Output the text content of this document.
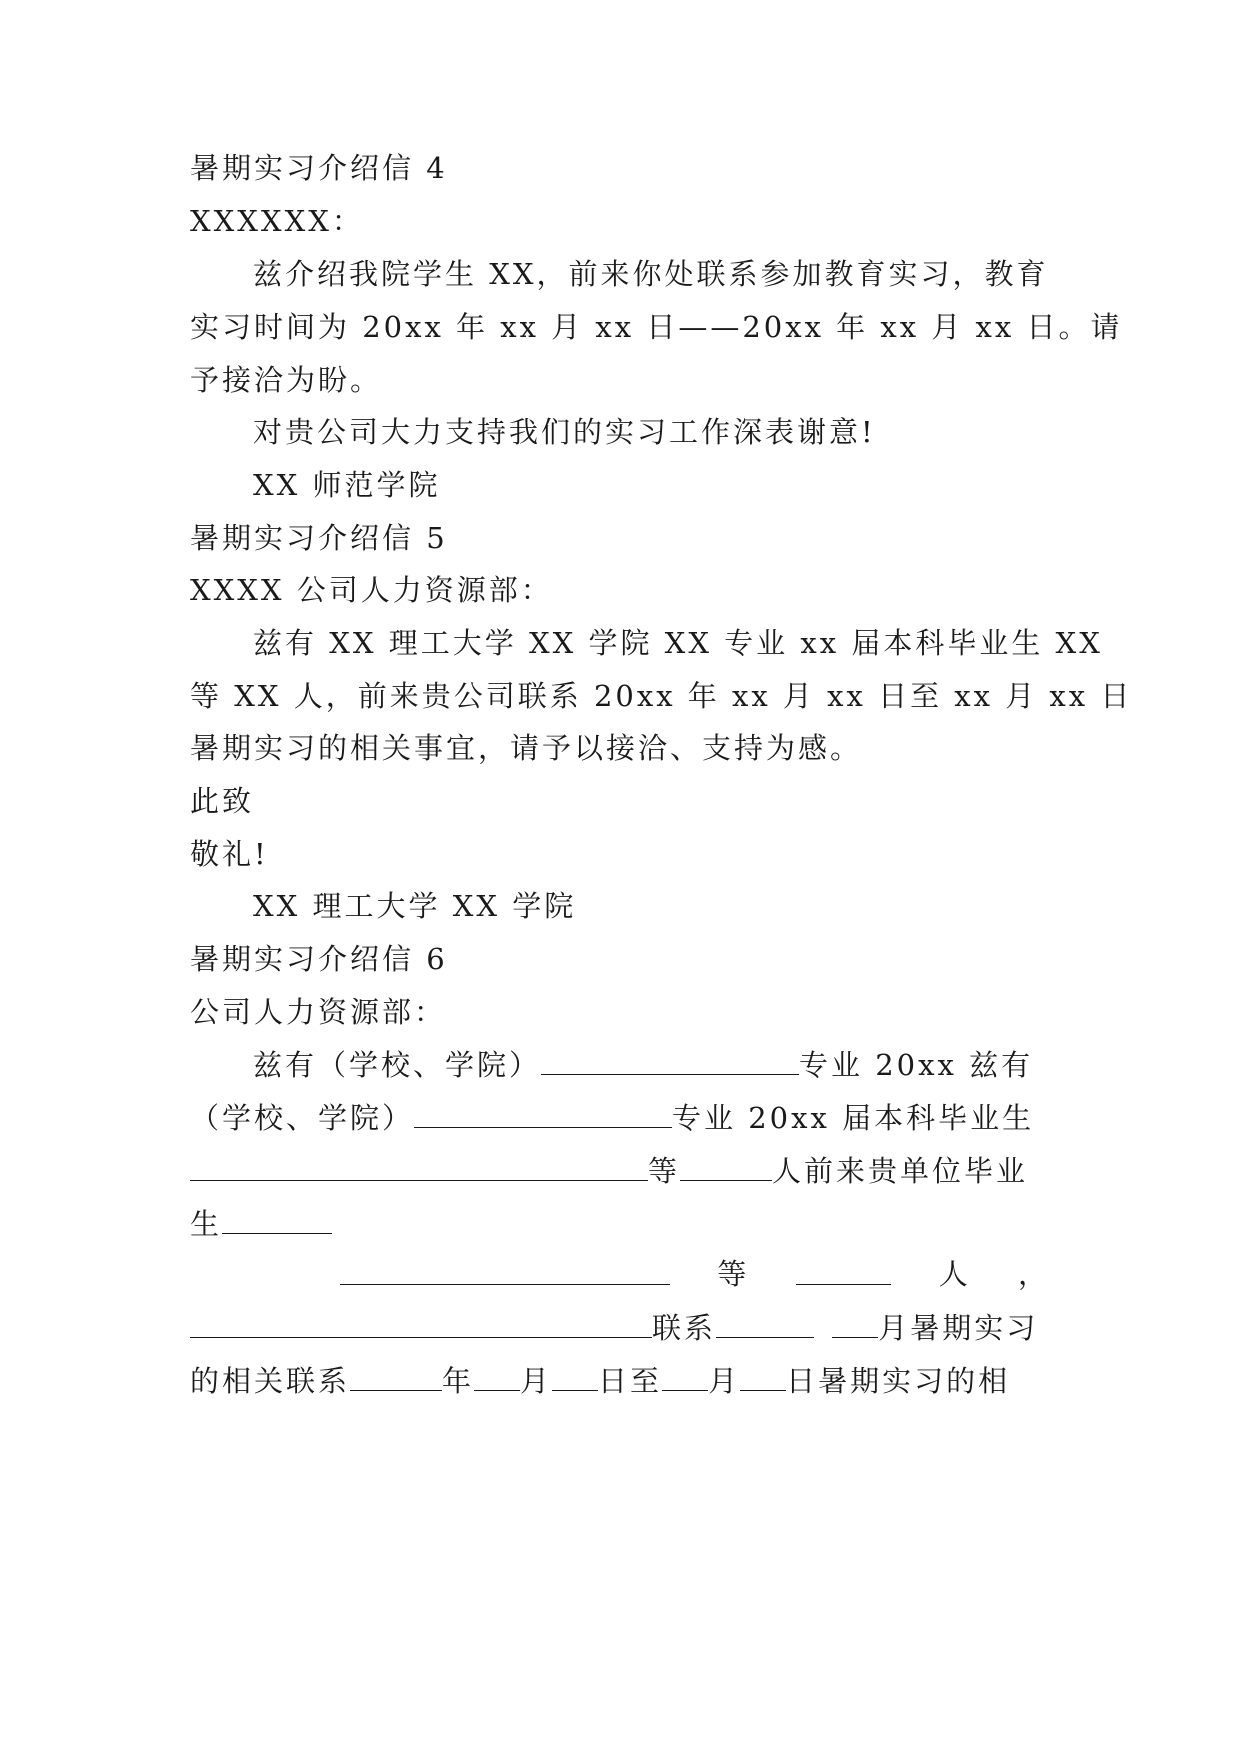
暑期实习介绍信 4
XXXXXX：
兹介绍我院学生 XX，前来你处联系参加教育实习，教育
实习时间为 20xx 年 xx 月 xx 日——20xx 年 xx 月 xx 日。请
予接洽为盼。
对贵公司大力支持我们的实习工作深表谢意!
XX 师范学院
暑期实习介绍信 5
XXXX 公司人力资源部：
兹有 XX 理工大学 XX 学院 XX 专业 xx 届本科毕业生 XX
等 XX 人，前来贵公司联系 20xx 年 xx 月 xx 日至 xx 月 xx 日
暑期实习的相关事宜，请予以接洽、支持为感。
此致
敬礼!
XX 理工大学 XX 学院
暑期实习介绍信 6
公司人力资源部：
兹有（学校、学院）	专业 20xx 兹有
（学校、学院）	专业 20xx 届本科毕业生
等	人前来贵单位毕业
生
等	人 ，
联系	月暑期实习
的相关联系	年 月 日至 月 日暑期实习的相
